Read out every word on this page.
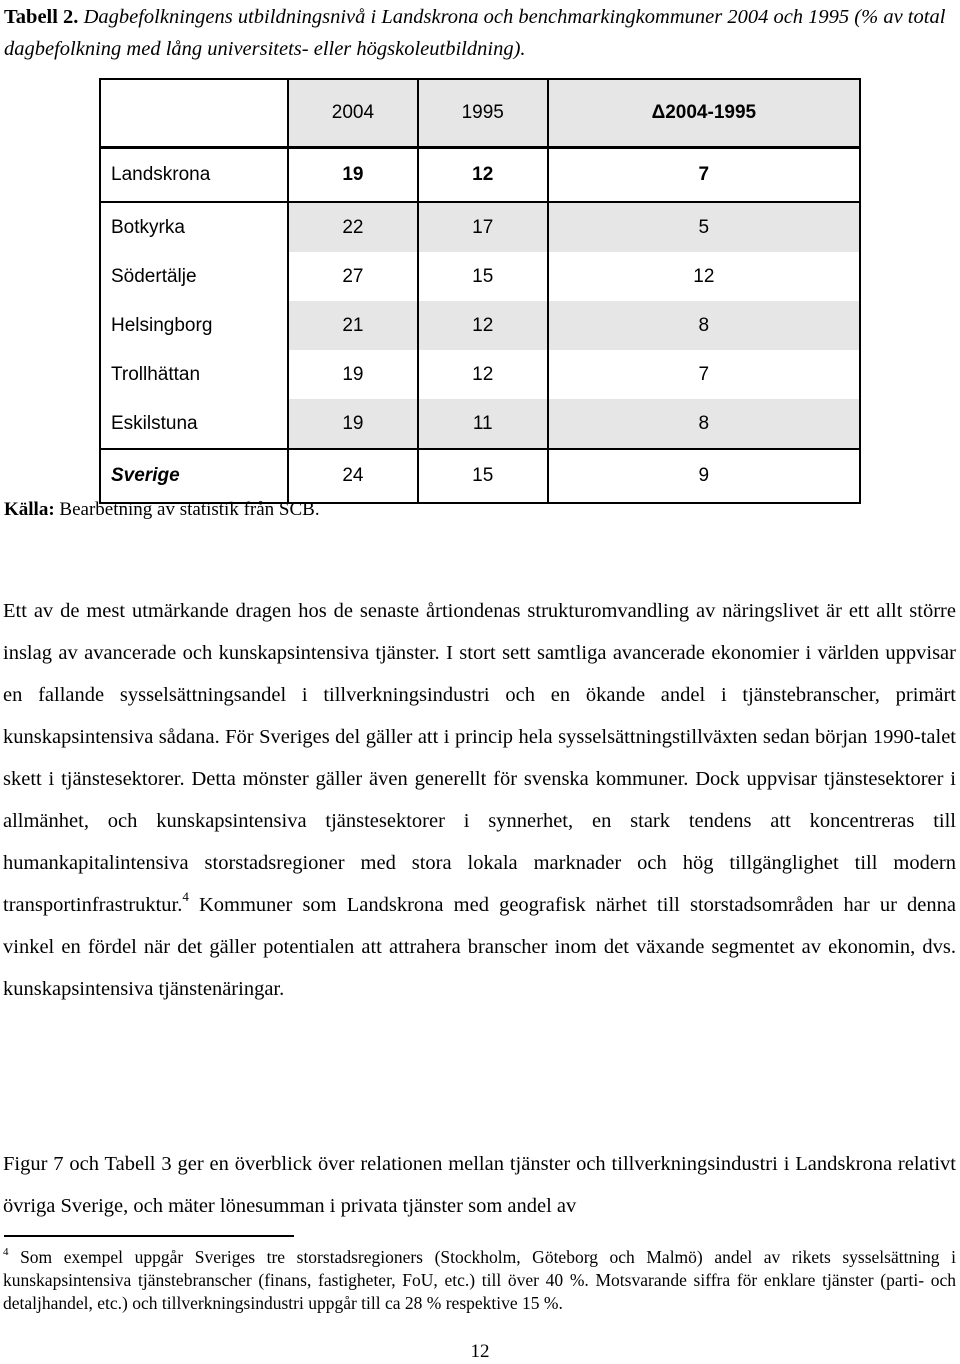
Tabell 2. Dagbefolkningens utbildningsnivå i Landskrona och benchmarkingkommuner 2004 och 1995 (% av total dagbefolkning med lång universitets- eller högskoleutbildning).
	2004	1995	Δ2004-1995
Landskrona	19	12	7
Botkyrka	22	17	5
Södertälje	27	15	12
Helsingborg	21	12	8
Trollhättan	19	12	7
Eskilstuna	19	11	8
Sverige	24	15	9
Källa: Bearbetning av statistik från SCB.
Ett av de mest utmärkande dragen hos de senaste årtiondenas strukturomvandling av näringslivet är ett allt större inslag av avancerade och kunskapsintensiva tjänster. I stort sett samtliga avancerade ekonomier i världen uppvisar en fallande sysselsättningsandel i tillverkningsindustri och en ökande andel i tjänstebranscher, primärt kunskapsintensiva sådana. För Sveriges del gäller att i princip hela sysselsättningstillväxten sedan början 1990-talet skett i tjänstesektorer. Detta mönster gäller även generellt för svenska kommuner. Dock uppvisar tjänstesektorer i allmänhet, och kunskapsintensiva tjänstesektorer i synnerhet, en stark tendens att koncentreras till humankapitalintensiva storstadsregioner med stora lokala marknader och hög tillgänglighet till modern transportinfrastruktur.$^4$ Kommuner som Landskrona med geografisk närhet till storstadsområden har ur denna vinkel en fördel när det gäller potentialen att attrahera branscher inom det växande segmentet av ekonomin, dvs. kunskapsintensiva tjänstenäringar.
Figur 7 och Tabell 3 ger en överblick över relationen mellan tjänster och tillverkningsindustri i Landskrona relativt övriga Sverige, och mäter lönesumman i privata tjänster som andel av
$^4$ Som exempel uppgår Sveriges tre storstadsregioners (Stockholm, Göteborg och Malmö) andel av rikets sysselsättning i kunskapsintensiva tjänstebranscher (finans, fastigheter, FoU, etc.) till över 40 %. Motsvarande siffra för enklare tjänster (parti- och detaljhandel, etc.) och tillverkningsindustri uppgår till ca 28 % respektive 15 %.
12
